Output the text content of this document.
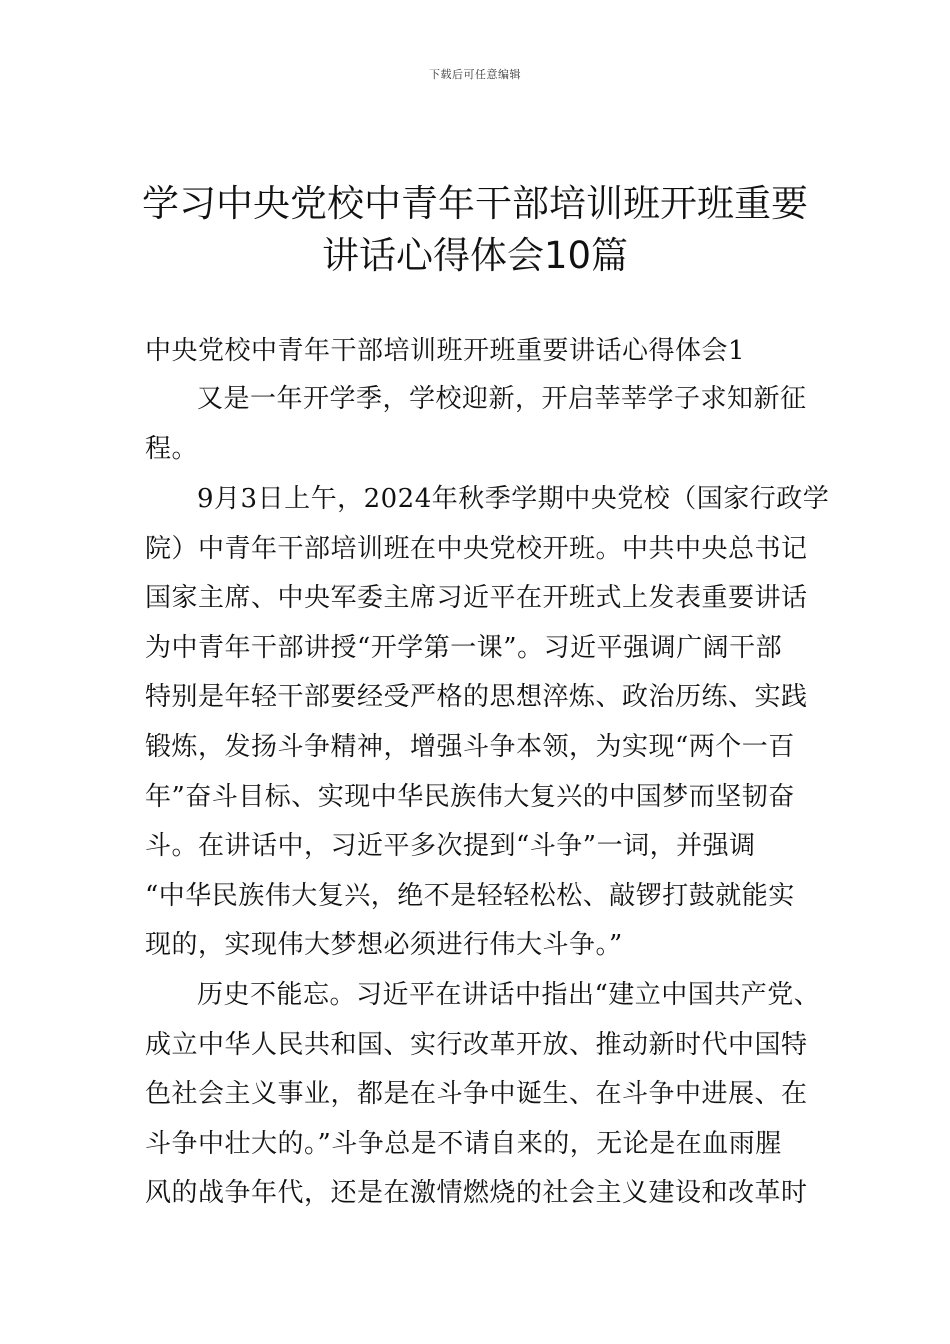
下载后可任意编辑
学习中央党校中青年干部培训班开班重要
讲话心得体会10篇
中央党校中青年干部培训班开班重要讲话心得体会1
又是一年开学季，学校迎新，开启莘莘学子求知新征
程。
9月3日上午，2024年秋季学期中央党校（国家行政学
院）中青年干部培训班在中央党校开班。中共中央总书记
国家主席、中央军委主席习近平在开班式上发表重要讲话
为中青年干部讲授“开学第一课”。习近平强调广阔干部
特别是年轻干部要经受严格的思想淬炼、政治历练、实践
锻炼，发扬斗争精神，增强斗争本领，为实现“两个一百
年”奋斗目标、实现中华民族伟大复兴的中国梦而坚韧奋
斗。在讲话中，习近平多次提到“斗争”一词，并强调
“中华民族伟大复兴，绝不是轻轻松松、敲锣打鼓就能实
现的，实现伟大梦想必须进行伟大斗争。”
历史不能忘。习近平在讲话中指出“建立中国共产党、
成立中华人民共和国、实行改革开放、推动新时代中国特
色社会主义事业，都是在斗争中诞生、在斗争中进展、在
斗争中壮大的。”斗争总是不请自来的，无论是在血雨腥
风的战争年代，还是在激情燃烧的社会主义建设和改革时
